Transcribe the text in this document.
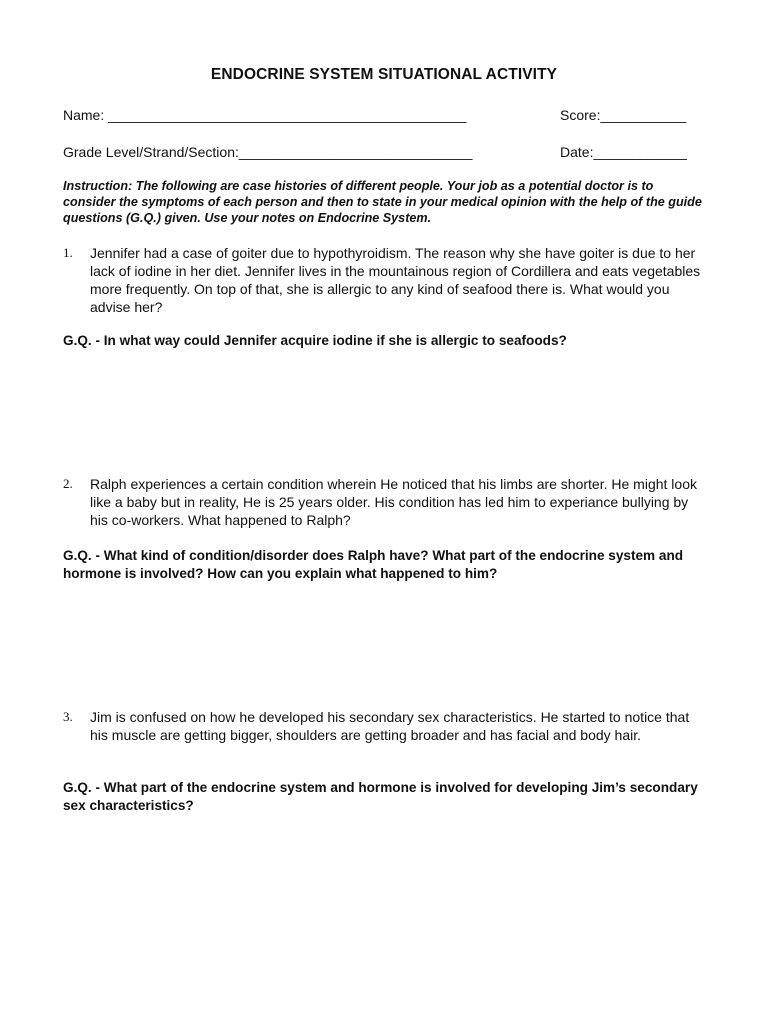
ENDOCRINE SYSTEM SITUATIONAL ACTIVITY
Name: ______________________________________________	Score:___________
Grade Level/Strand/Section:______________________________	Date:____________
Instruction: The following are case histories of different people. Your job as a potential doctor is to consider the symptoms of each person and then to state in your medical opinion with the help of the guide questions (G.Q.) given. Use your notes on Endocrine System.
1. Jennifer had a case of goiter due to hypothyroidism. The reason why she have goiter is due to her lack of iodine in her diet. Jennifer lives in the mountainous region of Cordillera and eats vegetables more frequently. On top of that, she is allergic to any kind of seafood there is. What would you advise her?
G.Q. - In what way could Jennifer acquire iodine if she is allergic to seafoods?
2. Ralph experiences a certain condition wherein He noticed that his limbs are shorter. He might look like a baby but in reality, He is 25 years older. His condition has led him to experiance bullying by his co-workers. What happened to Ralph?
G.Q. - What kind of condition/disorder does Ralph have? What part of the endocrine system and hormone is involved? How can you explain what happened to him?
3. Jim is confused on how he developed his secondary sex characteristics. He started to notice that his muscle are getting bigger, shoulders are getting broader and has facial and body hair.
G.Q. - What part of the endocrine system and hormone is involved for developing Jim’s secondary sex characteristics?
